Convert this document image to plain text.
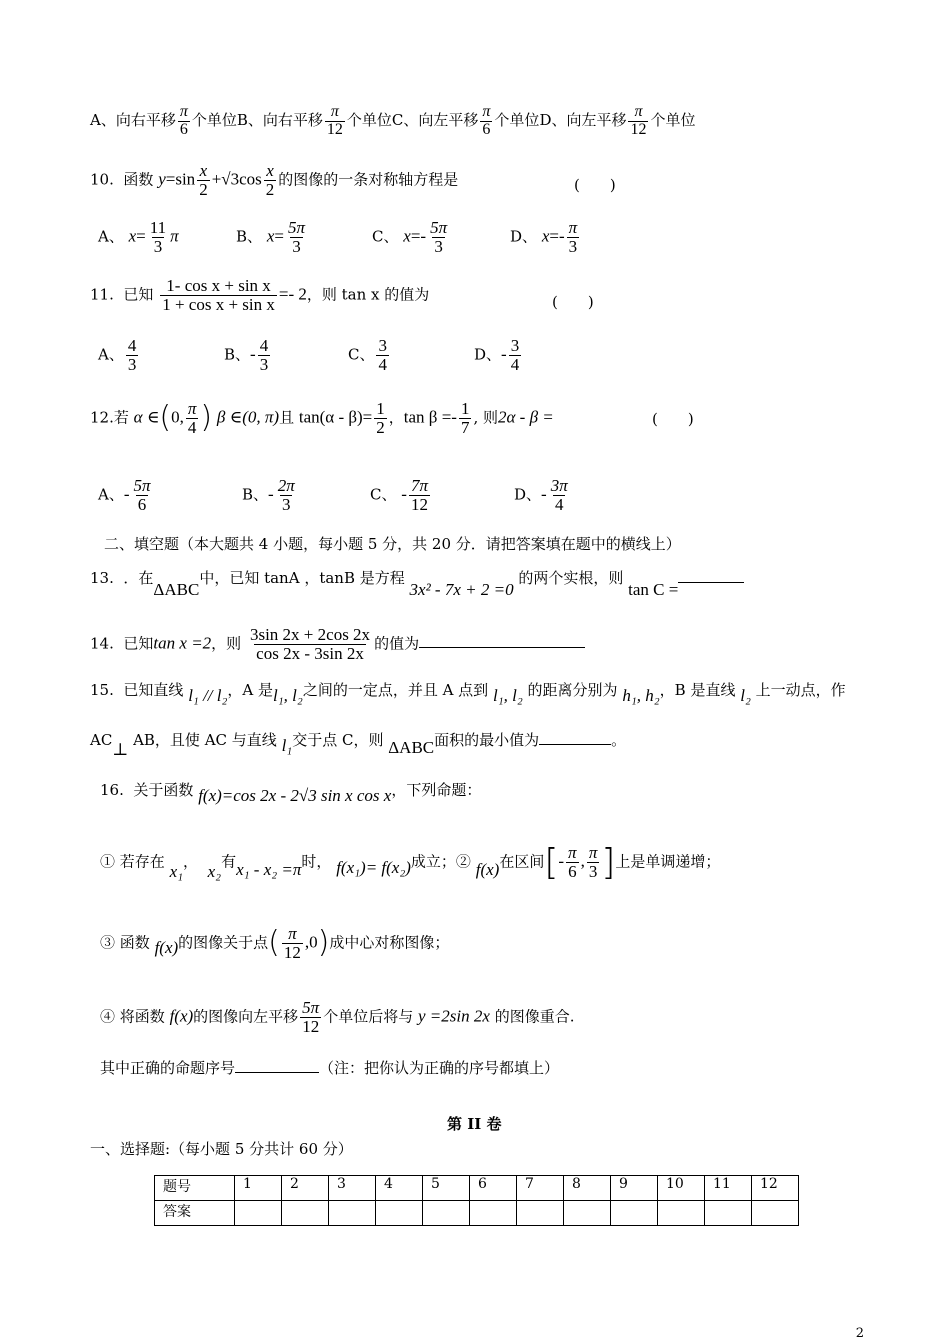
A、向右平移 $\frac{\pi}{6}$ 个单位B、向右平移 $\frac{\pi}{12}$ 个单位C、向左平移 $\frac{\pi}{6}$ 个单位D、向左平移 $\frac{\pi}{12}$ 个单位
10. 函数 $y=\sin \frac{x}{2} +√3\cos \frac{x}{2}$ 的图像的一条对称轴方程是	(　　)
A、 $x= \frac{11}{3}$ π	B、 $x= \frac{5\pi}{3}$	C、 $x=- \frac{5\pi}{3}$	D、 $x=- \frac{\pi}{3}$
11. 已知 $\frac{\text{1- cos x + sin x}}{\text{1 + cos x + sin x}} =- 2$，则 tan x 的值为	(　　)
A、 $\frac{4}{3}$	B、- $\frac{4}{3}$	C、 $\frac{3}{4}$	D、- $\frac{3}{4}$
12.若 α ∈(0, $\frac{\pi}{4}$ ) β ∈(0, π)且 $\tan(\alpha - \beta)= \frac{1}{2}$ ，$\tan \beta =- \frac{1}{7}$ , 则2α - β =	(　　)
A、- $\frac{5\pi}{6}$	B、- $\frac{2\pi}{3}$	C、 - $\frac{7\pi}{12}$	D、- $\frac{3\pi}{4}$
二、填空题（本大题共 4 小题，每小题 5 分，共 20 分．请把答案填在题中的横线上）
13. ．在ΔABC中，已知 tanA ，tanB 是方程 3x² - 7x + 2 =0 的两个实根，则 tan C =
14. 已知tan x =2，则 $\frac{3\sin 2x + 2\cos 2x}{\cos 2x - 3\sin 2x}$ 的值为
15. 已知直线 l₁ // l₂，A 是l₁, l₂之间的一定点，并且 A 点到 l₁, l₂ 的距离分别为 h₁, h₂，B 是直线 l₂ 上一动点，作
AC⊥ AB，且使 AC 与直线 l₁交于点 C，则 ΔABC面积的最小值为	。
16. 关于函数 f(x)=cos 2x - 2√3 sin x cos x，下列命题：
① 若存在 x₁， x₂有x₁ - x₂ =π时， f(x₁)= f(x₂)成立；② f(x)在区间[- $\frac{\pi}{6}$ , $\frac{\pi}{3}$ ]上是单调递增；
③ 函数 f(x)的图像关于点( $\frac{\pi}{12} ,0$)成中心对称图像；
④ 将函数 f(x)的图像向左平移 $\frac{5\pi}{12}$ 个单位后将与 y =2sin 2x 的图像重合.
其中正确的命题序号	（注：把你认为正确的序号都填上）
第 II 卷
一、选择题:（每小题 5 分共计 60 分）
题号	1	2	3	4	5	6	7	8	9	10	11	12
答案												
2
